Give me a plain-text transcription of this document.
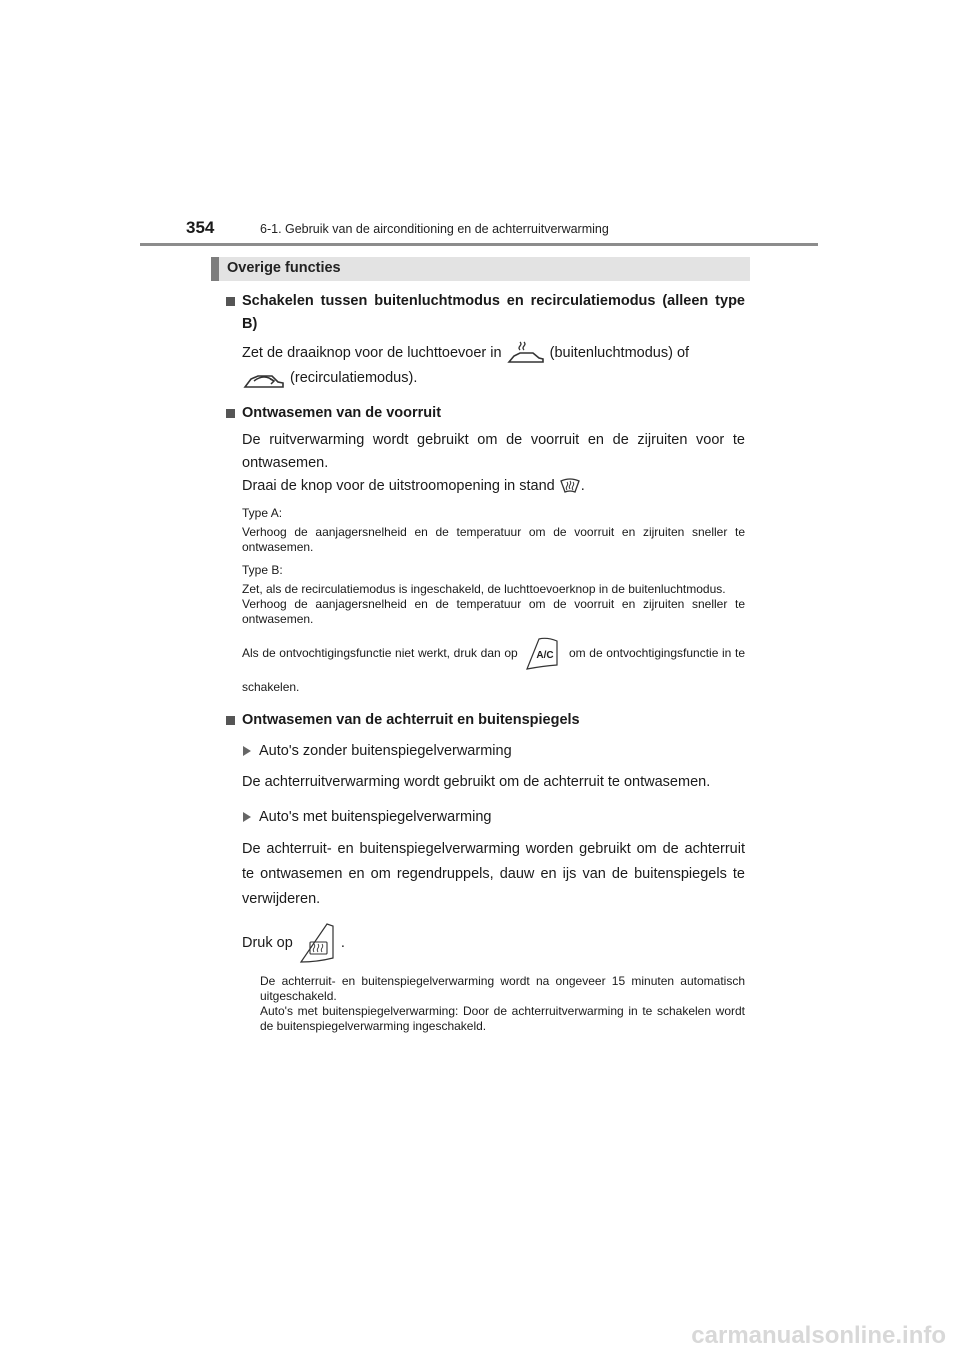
354	6-1. Gebruik van de airconditioning en de achterruitverwarming
Overige functies
Schakelen tussen buitenluchtmodus en recirculatiemodus (alleen type B)
Zet de draaiknop voor de luchttoevoer in	(buitenluchtmodus) of
(recirculatiemodus).
Ontwasemen van de voorruit

De ruitverwarming wordt gebruikt om de voorruit en de zijruiten voor te ontwasemen.

Draai de knop voor de uitstroomopening in stand .

Type A:

Verhoog de aanjagersnelheid en de temperatuur om de voorruit en zijruiten sneller te ontwasemen.

Type B:

Zet, als de recirculatiemodus is ingeschakeld, de luchttoevoerknop in de buitenluchtmodus.

Verhoog de aanjagersnelheid en de temperatuur om de voorruit en zijruiten sneller te ontwasemen.

Als de ontvochtigingsfunctie niet werkt, druk dan op A/C om de ontvochtigingsfunctie in te schakelen.

Ontwasemen van de achterruit en buitenspiegels
Auto's zonder buitenspiegelverwarming

De achterruitverwarming wordt gebruikt om de achterruit te ontwasemen.

Auto's met buitenspiegelverwarming

De achterruit- en buitenspiegelverwarming worden gebruikt om de achterruit te ontwasemen en om regendruppels, dauw en ijs van de buitenspiegels te verwijderen.

Druk op	.

De achterruit- en buitenspiegelverwarming wordt na ongeveer 15 minuten automatisch uitgeschakeld.

Auto's met buitenspiegelverwarming: Door de achterruitverwarming in te schakelen wordt de buitenspiegelverwarming ingeschakeld.

carmanualsonline.info
